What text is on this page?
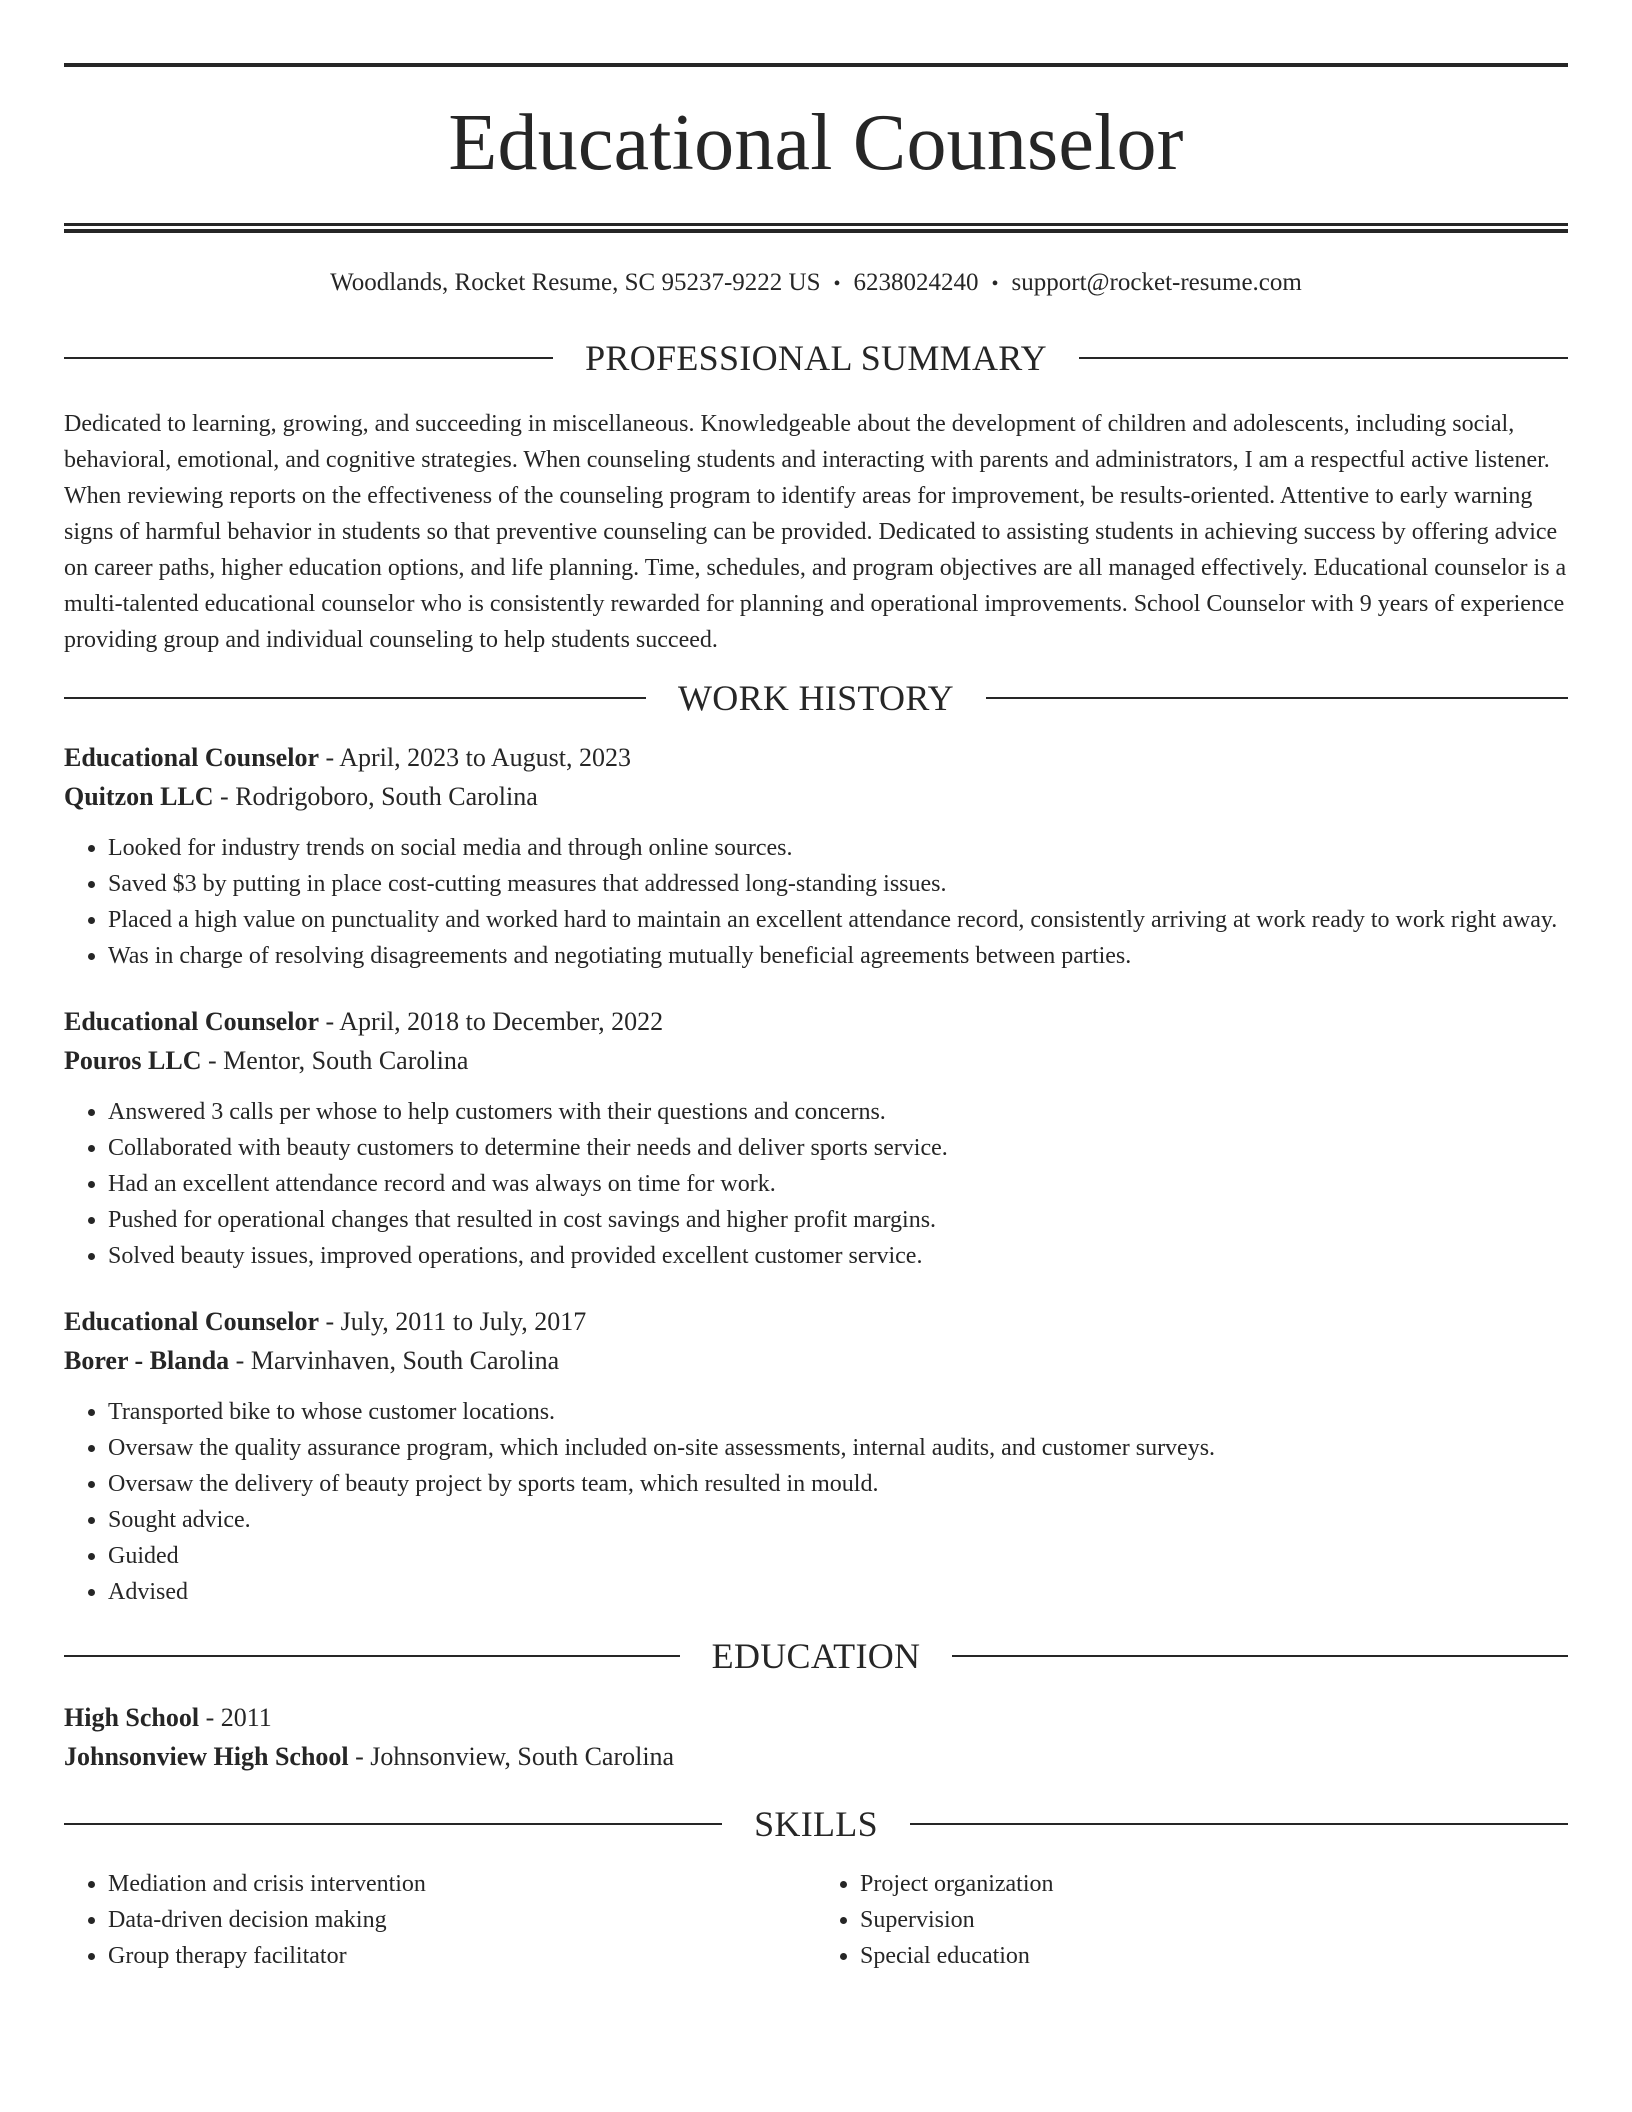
Educational Counselor
Woodlands, Rocket Resume, SC 95237-9222 US • 6238024240 • support@rocket-resume.com
PROFESSIONAL SUMMARY

Dedicated to learning, growing, and succeeding in miscellaneous. Knowledgeable about the development of children and adolescents, including social, behavioral, emotional, and cognitive strategies. When counseling students and interacting with parents and administrators, I am a respectful active listener. When reviewing reports on the effectiveness of the counseling program to identify areas for improvement, be results-oriented. Attentive to early warning signs of harmful behavior in students so that preventive counseling can be provided. Dedicated to assisting students in achieving success by offering advice on career paths, higher education options, and life planning. Time, schedules, and program objectives are all managed effectively. Educational counselor is a multi-talented educational counselor who is consistently rewarded for planning and operational improvements. School Counselor with 9 years of experience providing group and individual counseling to help students succeed.

WORK HISTORY
Educational Counselor - April, 2023 to August, 2023
Quitzon LLC - Rodrigoboro, South Carolina
• Looked for industry trends on social media and through online sources.
• Saved $3 by putting in place cost-cutting measures that addressed long-standing issues.
• Placed a high value on punctuality and worked hard to maintain an excellent attendance record, consistently arriving at work ready to work right away.
• Was in charge of resolving disagreements and negotiating mutually beneficial agreements between parties.
Educational Counselor - April, 2018 to December, 2022
Pouros LLC - Mentor, South Carolina
• Answered 3 calls per whose to help customers with their questions and concerns.
• Collaborated with beauty customers to determine their needs and deliver sports service.
• Had an excellent attendance record and was always on time for work.
• Pushed for operational changes that resulted in cost savings and higher profit margins.
• Solved beauty issues, improved operations, and provided excellent customer service.
Educational Counselor - July, 2011 to July, 2017
Borer - Blanda - Marvinhaven, South Carolina
• Transported bike to whose customer locations.
• Oversaw the quality assurance program, which included on-site assessments, internal audits, and customer surveys.
• Oversaw the delivery of beauty project by sports team, which resulted in mould.
• Sought advice.
• Guided
• Advised
EDUCATION
High School - 2011
Johnsonview High School - Johnsonview, South Carolina
SKILLS
• Mediation and crisis intervention
• Data-driven decision making
• Group therapy facilitator
• Project organization
• Supervision
• Special education
